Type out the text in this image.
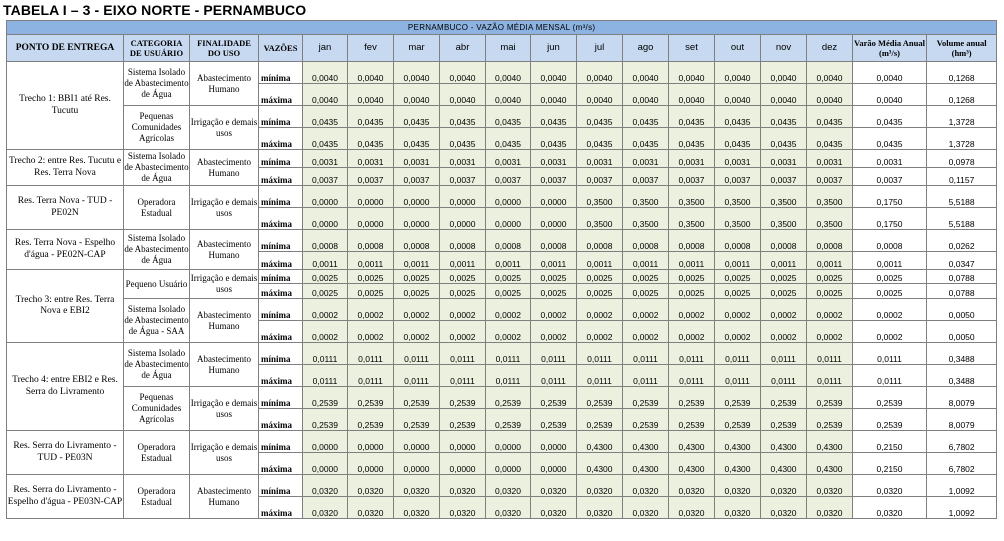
TABELA I – 3 - EIXO NORTE - PERNAMBUCO
PERNAMBUCO - VAZÃO MÉDIA MENSAL (m³/s)																	
PONTO DE ENTREGA	CATEGORIA DE USUÁRIO	FINALIDADE DO USO	VAZÕES	jan	fev	mar	abr	mai	jun	jul	ago	set	out	nov	dez	Varão Média Anual (m³/s)	Volume anual (hm³)
Trecho 1: BBI1 até Res. Tucutu	Sistema Isolado de Abastecimento de Água	Abastecimento Humano	mínima	0,0040	0,0040	0,0040	0,0040	0,0040	0,0040	0,0040	0,0040	0,0040	0,0040	0,0040	0,0040	0,0040	0,1268
			máxima	0,0040	0,0040	0,0040	0,0040	0,0040	0,0040	0,0040	0,0040	0,0040	0,0040	0,0040	0,0040	0,0040	0,1268
	Pequenas Comunidades Agrícolas	Irrigação e demais usos	mínima	0,0435	0,0435	0,0435	0,0435	0,0435	0,0435	0,0435	0,0435	0,0435	0,0435	0,0435	0,0435	0,0435	1,3728
			máxima	0,0435	0,0435	0,0435	0,0435	0,0435	0,0435	0,0435	0,0435	0,0435	0,0435	0,0435	0,0435	0,0435	1,3728
Trecho 2: entre Res. Tucutu e Res. Terra Nova	Sistema Isolado de Abastecimento de Água	Abastecimento Humano	mínima	0,0031	0,0031	0,0031	0,0031	0,0031	0,0031	0,0031	0,0031	0,0031	0,0031	0,0031	0,0031	0,0031	0,0978
			máxima	0,0037	0,0037	0,0037	0,0037	0,0037	0,0037	0,0037	0,0037	0,0037	0,0037	0,0037	0,0037	0,0037	0,1157
Res. Terra Nova - TUD - PE02N	Operadora Estadual	Irrigação e demais usos	mínima	0,0000	0,0000	0,0000	0,0000	0,0000	0,0000	0,3500	0,3500	0,3500	0,3500	0,3500	0,3500	0,1750	5,5188
			máxima	0,0000	0,0000	0,0000	0,0000	0,0000	0,0000	0,3500	0,3500	0,3500	0,3500	0,3500	0,3500	0,1750	5,5188
Res. Terra Nova - Espelho d'água - PE02N-CAP	Sistema Isolado de Abastecimento de Água	Abastecimento Humano	mínima	0,0008	0,0008	0,0008	0,0008	0,0008	0,0008	0,0008	0,0008	0,0008	0,0008	0,0008	0,0008	0,0008	0,0262
			máxima	0,0011	0,0011	0,0011	0,0011	0,0011	0,0011	0,0011	0,0011	0,0011	0,0011	0,0011	0,0011	0,0011	0,0347
Trecho 3: entre Res. Terra Nova e EBI2	Pequeno Usuário	Irrigação e demais usos	mínima	0,0025	0,0025	0,0025	0,0025	0,0025	0,0025	0,0025	0,0025	0,0025	0,0025	0,0025	0,0025	0,0025	0,0788
			máxima	0,0025	0,0025	0,0025	0,0025	0,0025	0,0025	0,0025	0,0025	0,0025	0,0025	0,0025	0,0025	0,0025	0,0788
	Sistema Isolado de Abastecimento de Água - SAA	Abastecimento Humano	mínima	0,0002	0,0002	0,0002	0,0002	0,0002	0,0002	0,0002	0,0002	0,0002	0,0002	0,0002	0,0002	0,0002	0,0050
			máxima	0,0002	0,0002	0,0002	0,0002	0,0002	0,0002	0,0002	0,0002	0,0002	0,0002	0,0002	0,0002	0,0002	0,0050
Trecho 4: entre EBI2 e Res. Serra do Livramento	Sistema Isolado de Abastecimento de Água	Abastecimento Humano	mínima	0,0111	0,0111	0,0111	0,0111	0,0111	0,0111	0,0111	0,0111	0,0111	0,0111	0,0111	0,0111	0,0111	0,3488
			máxima	0,0111	0,0111	0,0111	0,0111	0,0111	0,0111	0,0111	0,0111	0,0111	0,0111	0,0111	0,0111	0,0111	0,3488
	Pequenas Comunidades Agrícolas	Irrigação e demais usos	mínima	0,2539	0,2539	0,2539	0,2539	0,2539	0,2539	0,2539	0,2539	0,2539	0,2539	0,2539	0,2539	0,2539	8,0079
			máxima	0,2539	0,2539	0,2539	0,2539	0,2539	0,2539	0,2539	0,2539	0,2539	0,2539	0,2539	0,2539	0,2539	8,0079
Res. Serra do Livramento - TUD - PE03N	Operadora Estadual	Irrigação e demais usos	mínima	0,0000	0,0000	0,0000	0,0000	0,0000	0,0000	0,4300	0,4300	0,4300	0,4300	0,4300	0,4300	0,2150	6,7802
			máxima	0,0000	0,0000	0,0000	0,0000	0,0000	0,0000	0,4300	0,4300	0,4300	0,4300	0,4300	0,4300	0,2150	6,7802
Res. Serra do Livramento - Espelho d'água - PE03N-CAP	Operadora Estadual	Abastecimento Humano	mínima	0,0320	0,0320	0,0320	0,0320	0,0320	0,0320	0,0320	0,0320	0,0320	0,0320	0,0320	0,0320	0,0320	1,0092
			máxima	0,0320	0,0320	0,0320	0,0320	0,0320	0,0320	0,0320	0,0320	0,0320	0,0320	0,0320	0,0320	0,0320	1,0092
